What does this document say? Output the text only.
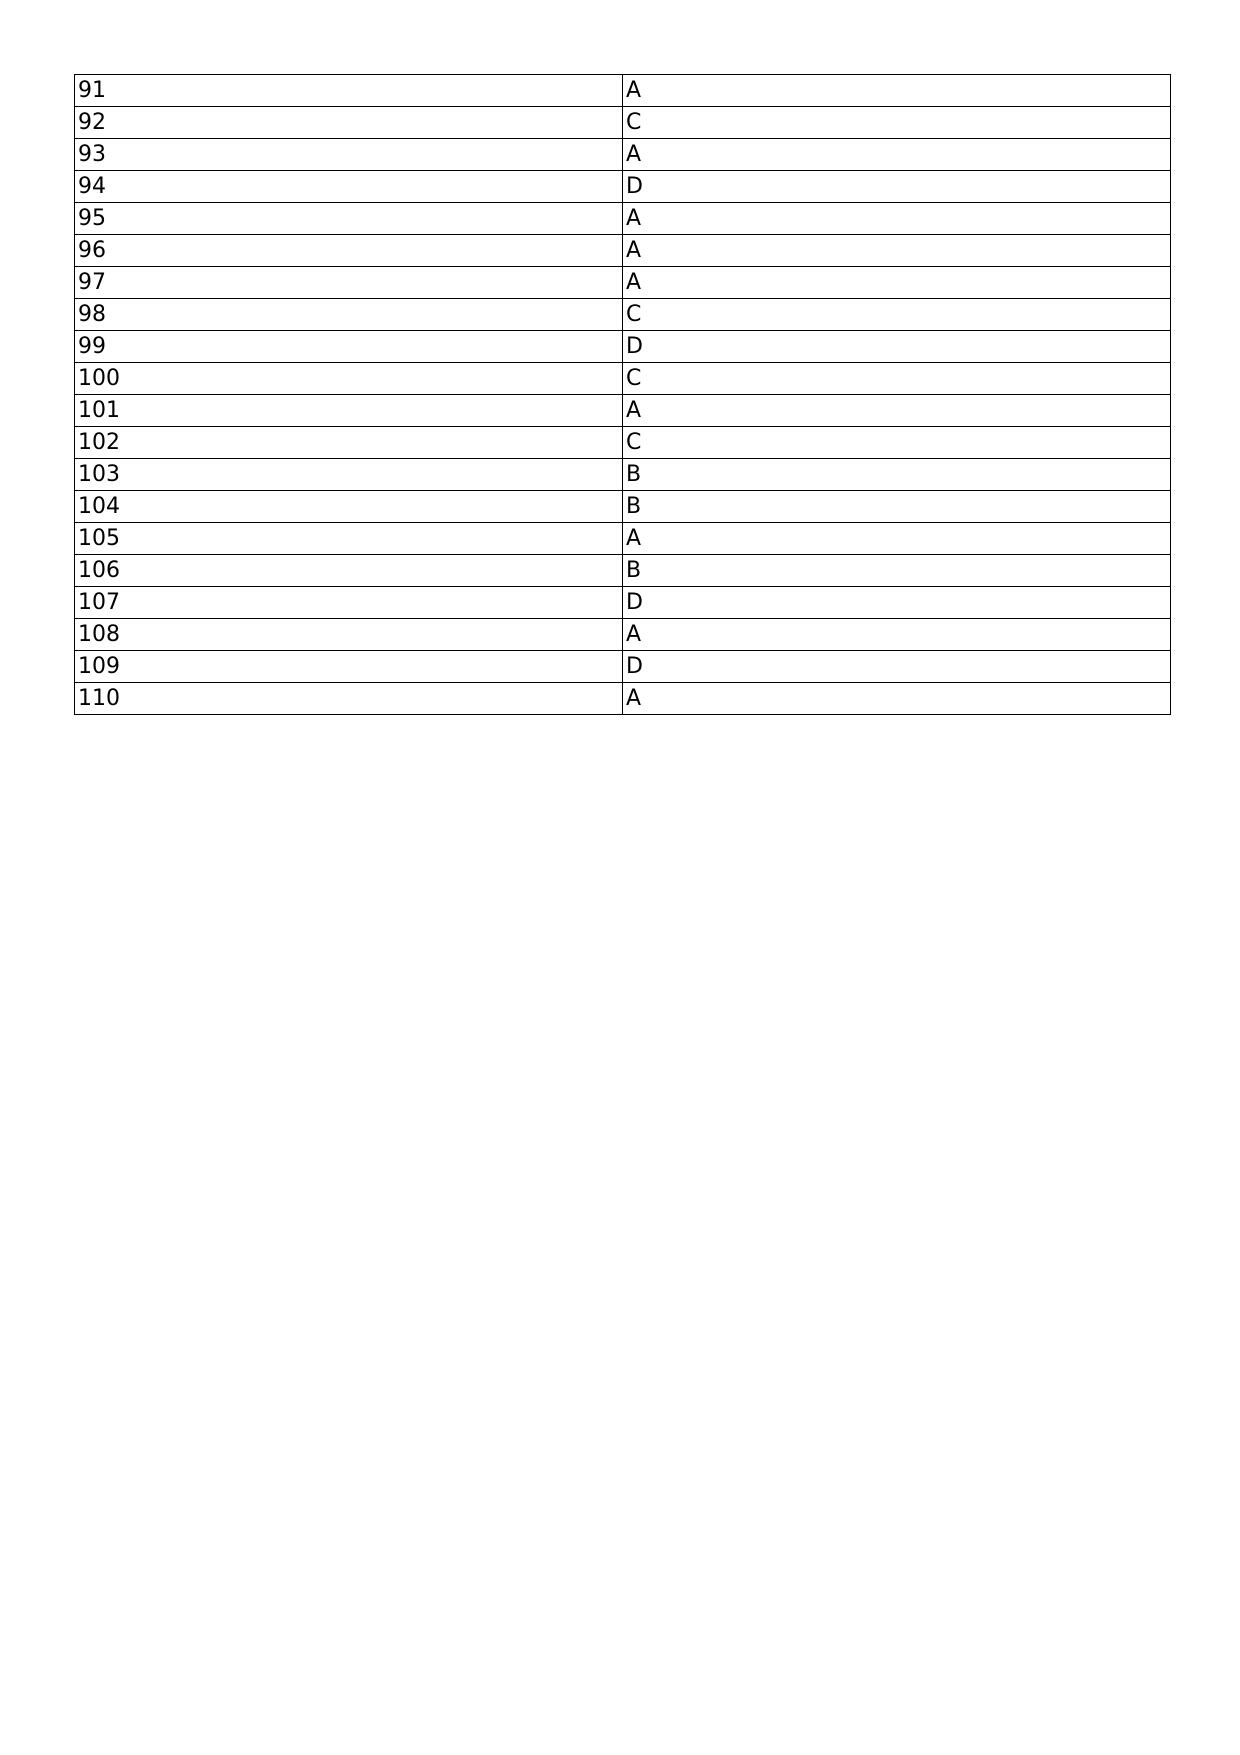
91	A
92	C
93	A
94	D
95	A
96	A
97	A
98	C
99	D
100	C
101	A
102	C
103	B
104	B
105	A
106	B
107	D
108	A
109	D
110	A
